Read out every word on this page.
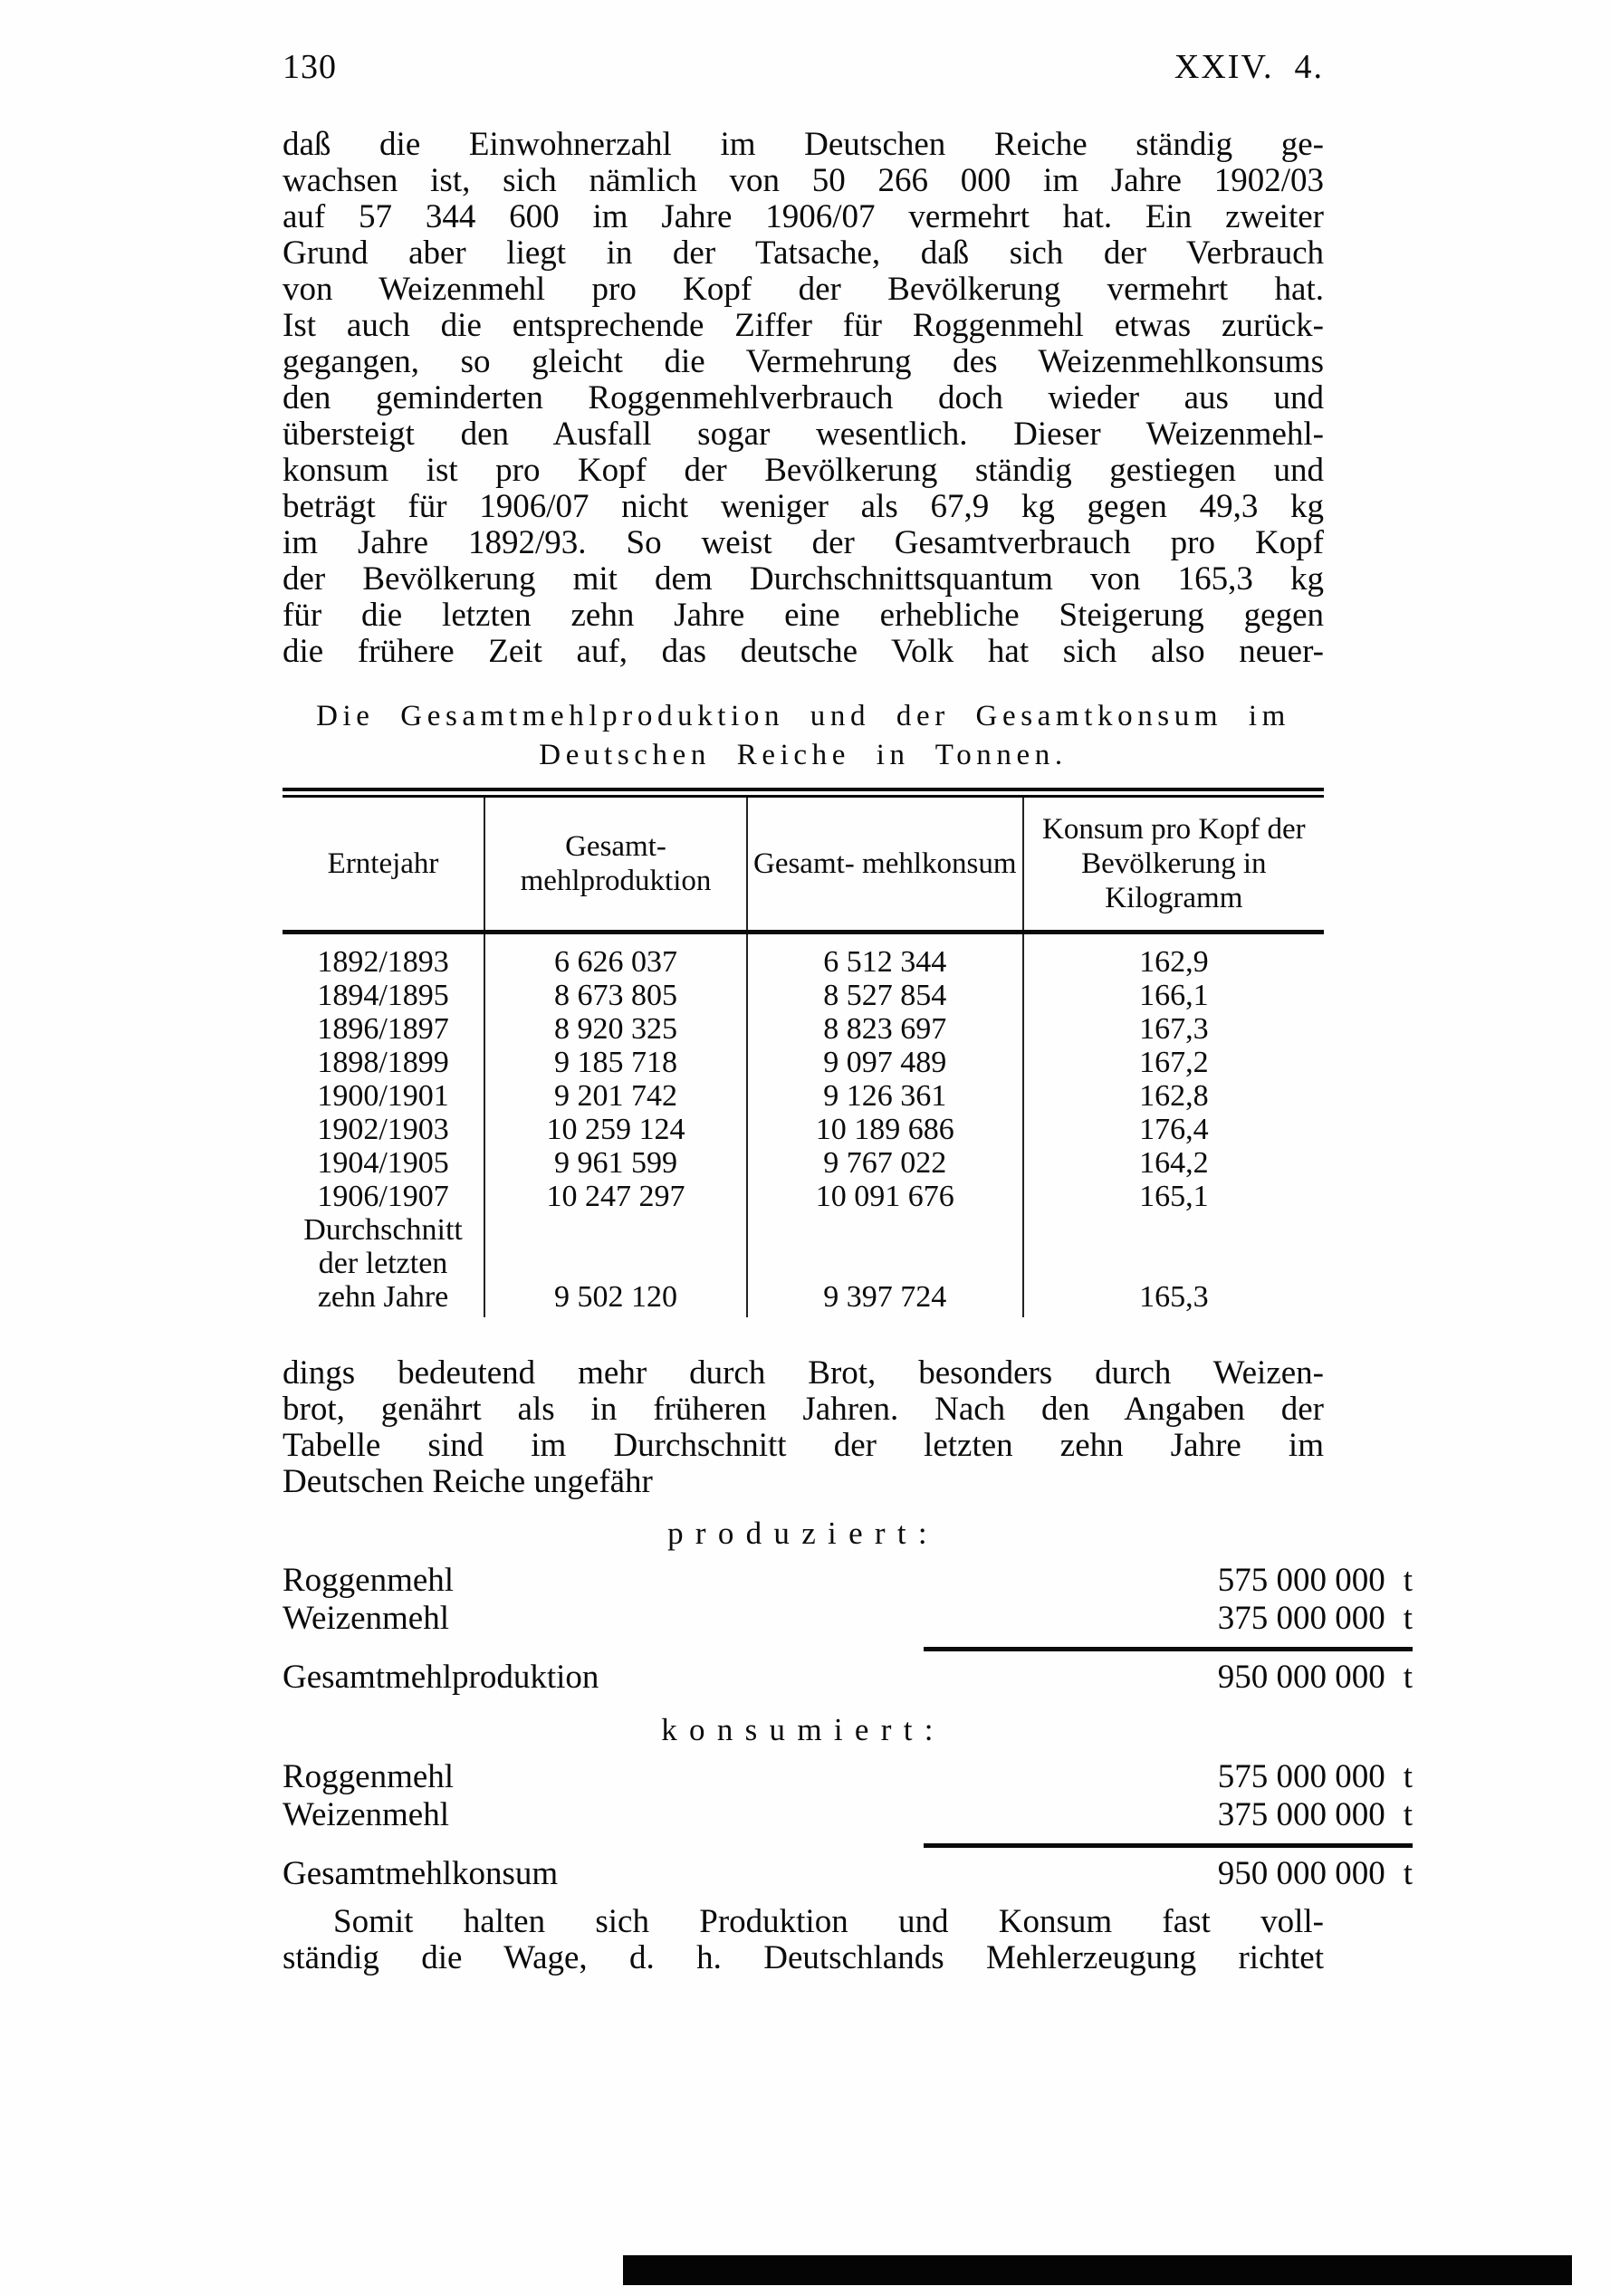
130	XXIV.  4.
daß die Einwohnerzahl im Deutschen Reiche ständig ge-
wachsen ist, sich nämlich von 50 266 000 im Jahre 1902/03
auf 57 344 600 im Jahre 1906/07 vermehrt hat. Ein zweiter
Grund aber liegt in der Tatsache, daß sich der Verbrauch
von Weizenmehl pro Kopf der Bevölkerung vermehrt hat.
Ist auch die entsprechende Ziffer für Roggenmehl etwas zurück-
gegangen, so gleicht die Vermehrung des Weizenmehlkonsums
den geminderten Roggenmehlverbrauch doch wieder aus und
übersteigt den Ausfall sogar wesentlich. Dieser Weizenmehl-
konsum ist pro Kopf der Bevölkerung ständig gestiegen und
beträgt für 1906/07 nicht weniger als 67,9 kg gegen 49,3 kg
im Jahre 1892/93. So weist der Gesamtverbrauch pro Kopf
der Bevölkerung mit dem Durchschnittsquantum von 165,3 kg
für die letzten zehn Jahre eine erhebliche Steigerung gegen
die frühere Zeit auf, das deutsche Volk hat sich also neuer-
Die Gesamtmehlproduktion und der Gesamtkonsum im
Deutschen Reiche in Tonnen.
Erntejahr	Gesamt- mehlproduktion	Gesamt- mehlkonsum	Konsum pro Kopf der Bevölkerung in Kilogramm
1892/1893	6 626 037	6 512 344	162,9
1894/1895	8 673 805	8 527 854	166,1
1896/1897	8 920 325	8 823 697	167,3
1898/1899	9 185 718	9 097 489	167,2
1900/1901	9 201 742	9 126 361	162,8
1902/1903	10 259 124	10 189 686	176,4
1904/1905	9 961 599	9 767 022	164,2
1906/1907	10 247 297	10 091 676	165,1

Durchschnitt
der letzten
zehn Jahre	9 502 120	9 397 724	165,3
dings bedeutend mehr durch Brot, besonders durch Weizen-
brot, genährt als in früheren Jahren. Nach den Angaben der
Tabelle sind im Durchschnitt der letzten zehn Jahre im
Deutschen Reiche ungefähr
produziert:
Roggenmehl	575 000 000 t
Weizenmehl	375 000 000 t
Gesamtmehlproduktion	950 000 000 t
konsumiert:
Roggenmehl	575 000 000 t
Weizenmehl	375 000 000 t
Gesamtmehlkonsum	950 000 000 t
Somit halten sich Produktion und Konsum fast voll-
ständig die Wage, d. h. Deutschlands Mehlerzeugung richtet
